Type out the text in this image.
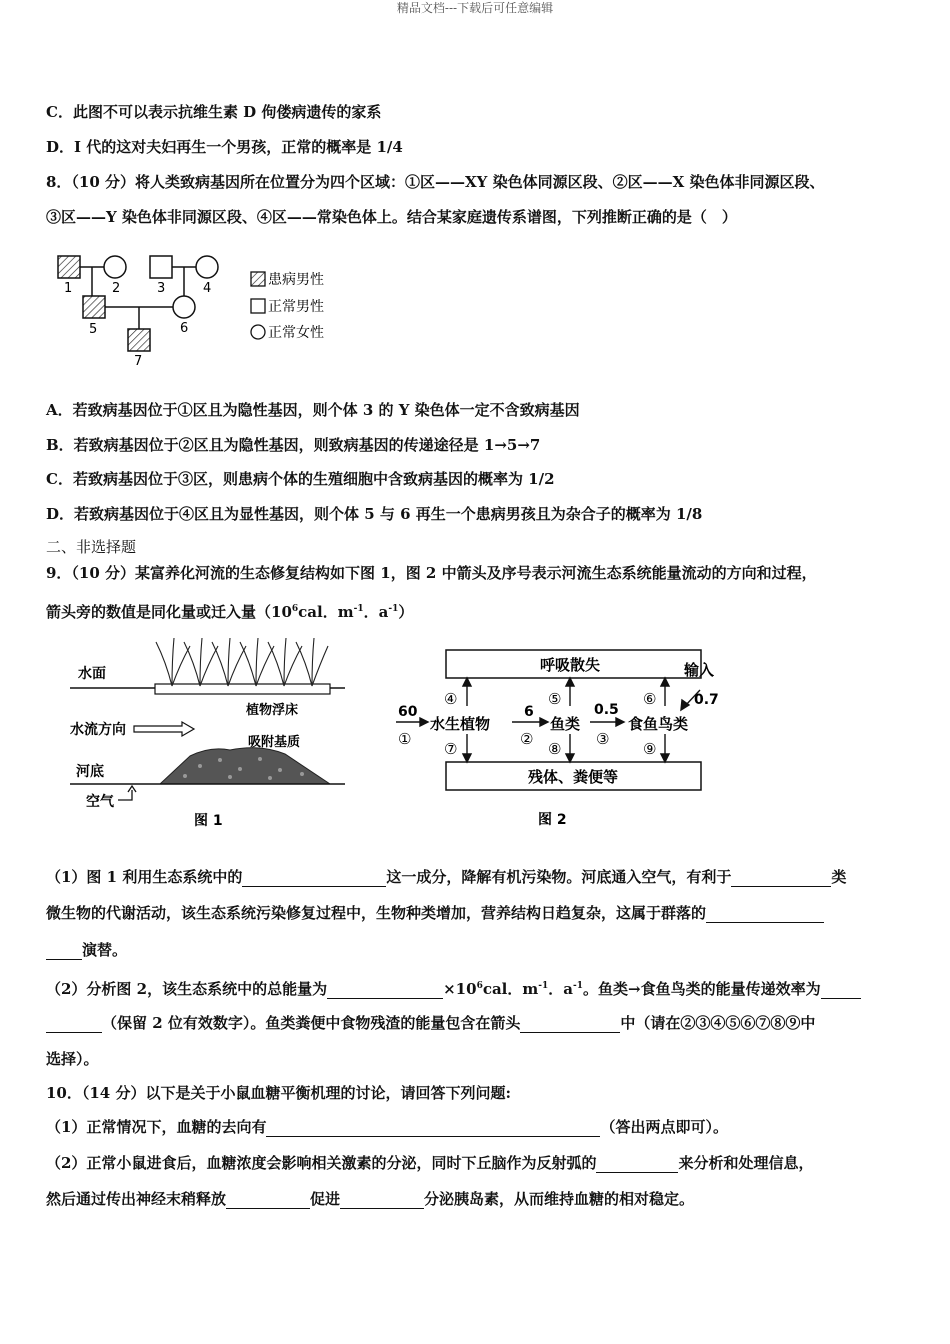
精品文档---下载后可任意编辑
C．此图不可以表示抗维生素 D 佝偻病遗传的家系
D．I 代的这对夫妇再生一个男孩，正常的概率是 1/4
8．（10 分）将人类致病基因所在位置分为四个区域：①区——XY 染色体同源区段、②区——X 染色体非同源区段、
③区——Y 染色体非同源区段、④区——常染色体上。结合某家庭遗传系谱图，下列推断正确的是（　）
1	2	3	4
5	6
7
患病男性
正常男性
正常女性
A．若致病基因位于①区且为隐性基因，则个体 3 的 Y 染色体一定不含致病基因
B．若致病基因位于②区且为隐性基因，则致病基因的传递途径是 1→5→7
C．若致病基因位于③区，则患病个体的生殖细胞中含致病基因的概率为 1/2
D．若致病基因位于④区且为显性基因，则个体 5 与 6 再生一个患病男孩且为杂合子的概率为 1/8
二、非选择题
9．（10 分）某富养化河流的生态修复结构如下图 1，图 2 中箭头及序号表示河流生态系统能量流动的方向和过程，
箭头旁的数值是同化量或迁入量（$10^6cal$．$m^{-1}$．$a^{-1}$）
水面
植物浮床
水流方向
吸附基质
河底
空气
图 1
呼吸散失
残体、粪便等
60
①
水生植物
6
②
鱼类
0.5
③
食鱼鸟类
输入
0.7
④	⑤	⑥
⑦	⑧	⑨
图 2
（1）图 1 利用生态系统中的	这一成分，降解有机污染物。河底通入空气，有利于	类
微生物的代谢活动，该生态系统污染修复过程中，生物种类增加，营养结构日趋复杂，这属于群落的
演替。
（2）分析图 2，该生态系统中的总能量为	$\times 10^6cal$．$m^{-1}$．$a^{-1}$。鱼类→食鱼鸟类的能量传递效率为
（保留 2 位有效数字）。鱼类粪便中食物残渣的能量包含在箭头	中（请在②③④⑤⑥⑦⑧⑨中
选择）。
10．（14 分）以下是关于小鼠血糖平衡机理的讨论，请回答下列问题:
（1）正常情况下，血糖的去向有	（答出两点即可）。
（2）正常小鼠进食后，血糖浓度会影响相关激素的分泌，同时下丘脑作为反射弧的	来分析和处理信息，
然后通过传出神经末稍释放	促进	分泌胰岛素，从而维持血糖的相对稳定。
